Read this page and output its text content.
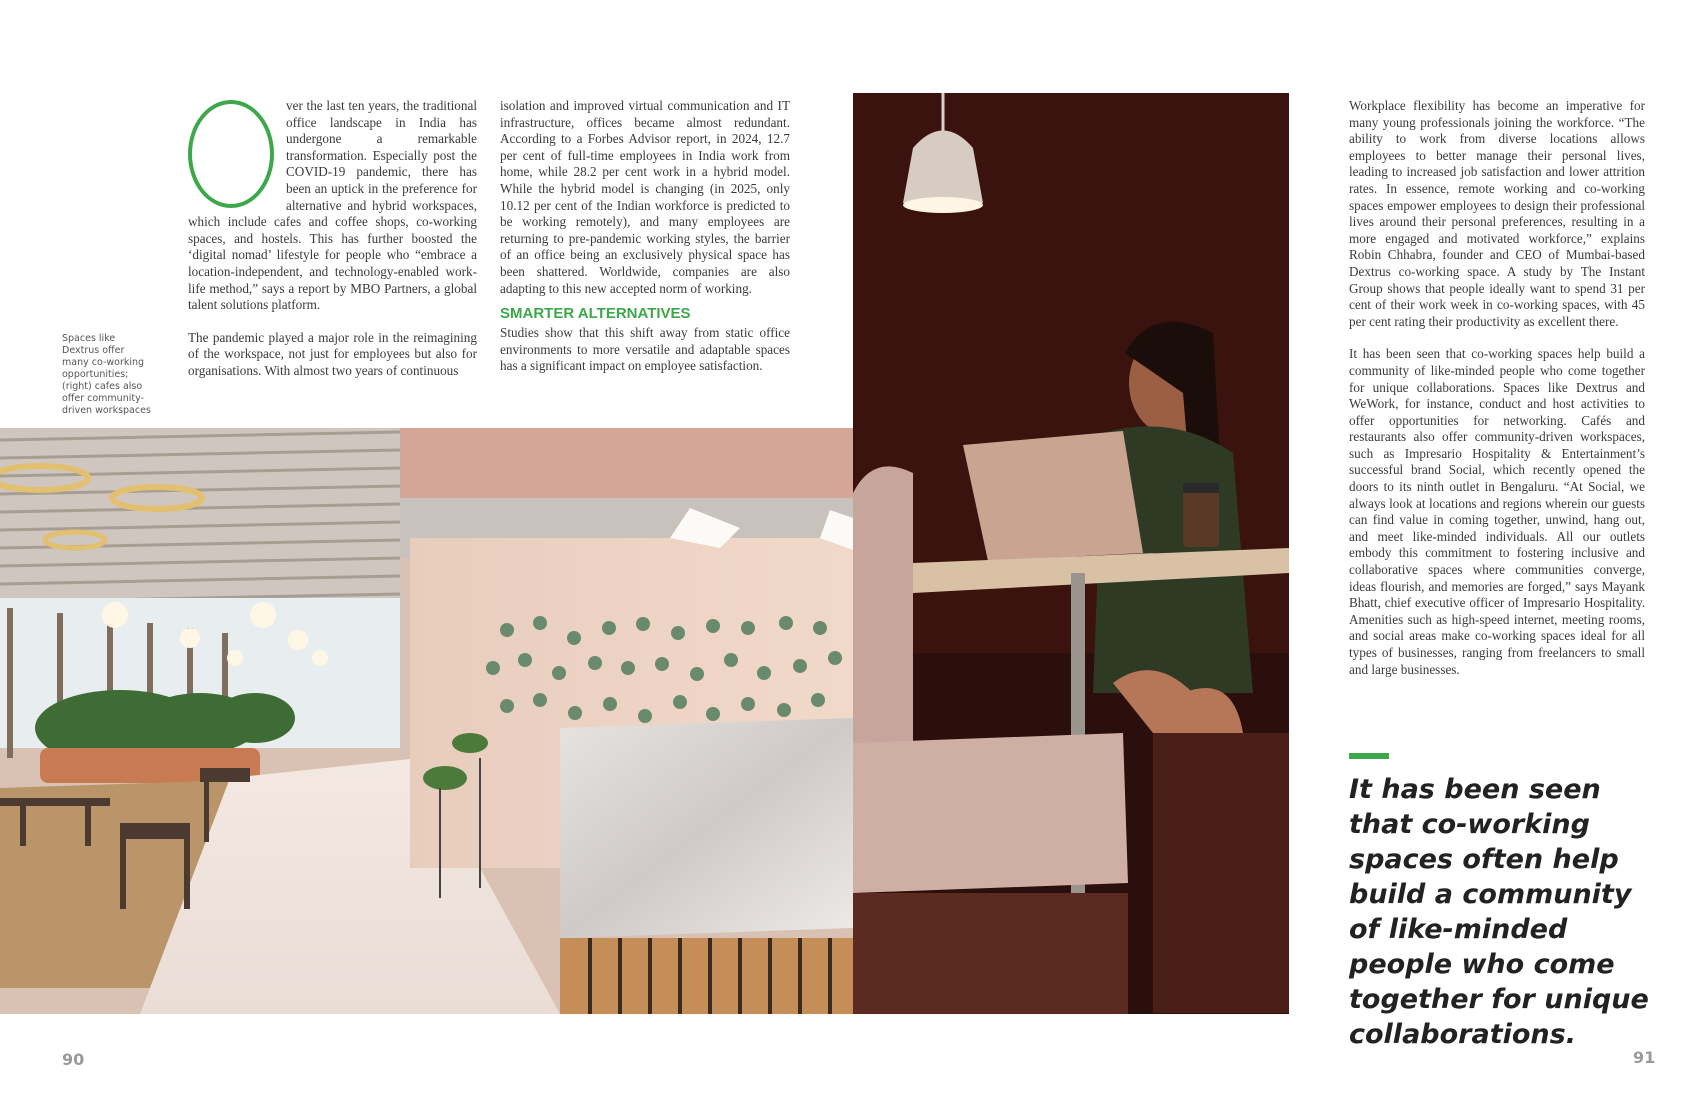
ver the last ten years, the traditional office landscape in India has undergone a remarkable transformation. Especially post the COVID-19 pandemic, there has been an uptick in the preference for alternative and hybrid workspaces, which include cafes and coffee shops, co-working spaces, and hostels. This has further boosted the ‘digital nomad’ lifestyle for people who “embrace a location-independent, and technology-enabled work-life method,” says a report by MBO Partners, a global talent solutions platform.

The pandemic played a major role in the reimagining of the workspace, not just for employees but also for organisations. With almost two years of continuous

isolation and improved virtual communication and IT infrastructure, offices became almost redundant. According to a Forbes Advisor report, in 2024, 12.7 per cent of full-time employees in India work from home, while 28.2 per cent work in a hybrid model. While the hybrid model is changing (in 2025, only 10.12 per cent of the Indian workforce is predicted to be working remotely), and many employees are returning to pre-pandemic working styles, the barrier of an office being an exclusively physical space has been shattered. Worldwide, companies are also adapting to this new accepted norm of working.

SMARTER ALTERNATIVES

Studies show that this shift away from static office environments to more versatile and adaptable spaces has a significant impact on employee satisfaction.

Spaces like Dextrus offer many co-working opportunities; (right) cafes also offer community-driven workspaces

Workplace flexibility has become an imperative for many young professionals joining the workforce. “The ability to work from diverse locations allows employees to better manage their personal lives, leading to increased job satisfaction and lower attrition rates. In essence, remote working and co-working spaces empower employees to design their professional lives around their personal preferences, resulting in a more engaged and motivated workforce,” explains Robin Chhabra, founder and CEO of Mumbai-based Dextrus co-working space. A study by The Instant Group shows that people ideally want to spend 31 per cent of their work week in co-working spaces, with 45 per cent rating their productivity as excellent there.

It has been seen that co-working spaces help build a community of like-minded people who come together for unique collaborations. Spaces like Dextrus and WeWork, for instance, conduct and host activities to offer opportunities for networking. Cafés and restaurants also offer community-driven workspaces, such as Impresario Hospitality & Entertainment’s successful brand Social, which recently opened the doors to its ninth outlet in Bengaluru. “At Social, we always look at locations and regions wherein our guests can find value in coming together, unwind, hang out, and meet like-minded individuals. All our outlets embody this commitment to fostering inclusive and collaborative spaces where communities converge, ideas flourish, and memories are forged,” says Mayank Bhatt, chief executive officer of Impresario Hospitality. Amenities such as high-speed internet, meeting rooms, and social areas make co-working spaces ideal for all types of businesses, ranging from freelancers to small and large businesses.

It has been seen that co-working spaces often help build a community of like-minded people who come together for unique collaborations.
90	91
